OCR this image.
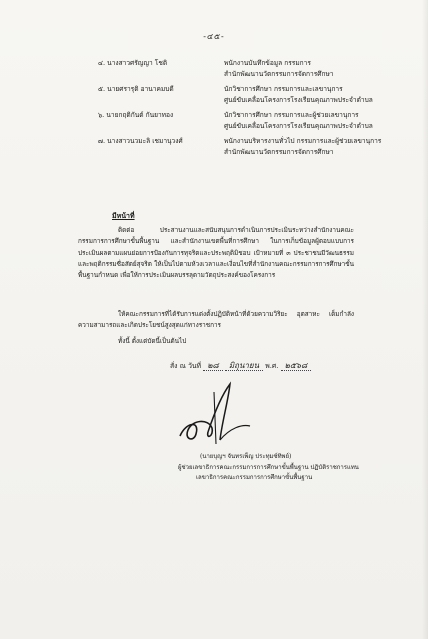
-๔๕-
๔. นางสาวศรัญญา โชติ	พนักงานบันทึกข้อมูล กรรมการ
สำนักพัฒนานวัตกรรมการจัดการศึกษา
๕. นายศรารุติ อานาคมบดี	นักวิชาการศึกษา กรรมการและเลขานุการ
ศูนย์ขับเคลื่อนโครงการโรงเรียนคุณภาพประจำตำบล
๖. นายกฤติกันต์ กันยาทอง	นักวิชาการศึกษา กรรมการและผู้ช่วยเลขานุการ
ศูนย์ขับเคลื่อนโครงการโรงเรียนคุณภาพประจำตำบล
๗. นางสาวนวมะลิ เชมานุวงศ์	พนักงานบริหารงานทั่วไป กรรมการและผู้ช่วยเลขานุการ
สำนักพัฒนานวัตกรรมการจัดการศึกษา
มีหน้าที่
ติดต่อ ประสานงานและสนับสนุนการดำเนินการประเมินระหว่างสำนักงานคณะกรรมการการศึกษาขั้นพื้นฐาน และสำนักงานเขตพื้นที่การศึกษา ในการเก็บข้อมูลผู้ตอบแบบการประเมินผลตามแผนย่อยการป้องกันการทุจริตและประพฤติมิชอบ เป้าหมายที่ ๓ ประชาชนมีวัฒนธรรมและพฤติกรรมซื่อสัตย์สุจริต ให้เป็นไปตามห้วงเวลาและเงื่อนไขที่สำนักงานคณะกรรมการการศึกษาขั้นพื้นฐานกำหนด เพื่อให้การประเมินผลบรรลุตามวัตถุประสงค์ของโครงการ
ให้คณะกรรมการที่ได้รับการแต่งตั้งปฏิบัติหน้าที่ด้วยความวิริยะ อุตสาหะ เต็มกำลังความสามารถและเกิดประโยชน์สูงสุดแก่ทางราชการ
ทั้งนี้ ตั้งแต่บัดนี้เป็นต้นไป
สั่ง ณ วันที่ ๒๘ มิถุนายน พ.ศ. ๒๕๖๘
(นายบุญฯ จันทรเพ็ญ ประทุมซ์ทิพย์)
ผู้ช่วยเลขาธิการคณะกรรมการการศึกษาขั้นพื้นฐาน ปฏิบัติราชการแทน
เลขาธิการคณะกรรมการการศึกษาขั้นพื้นฐาน
